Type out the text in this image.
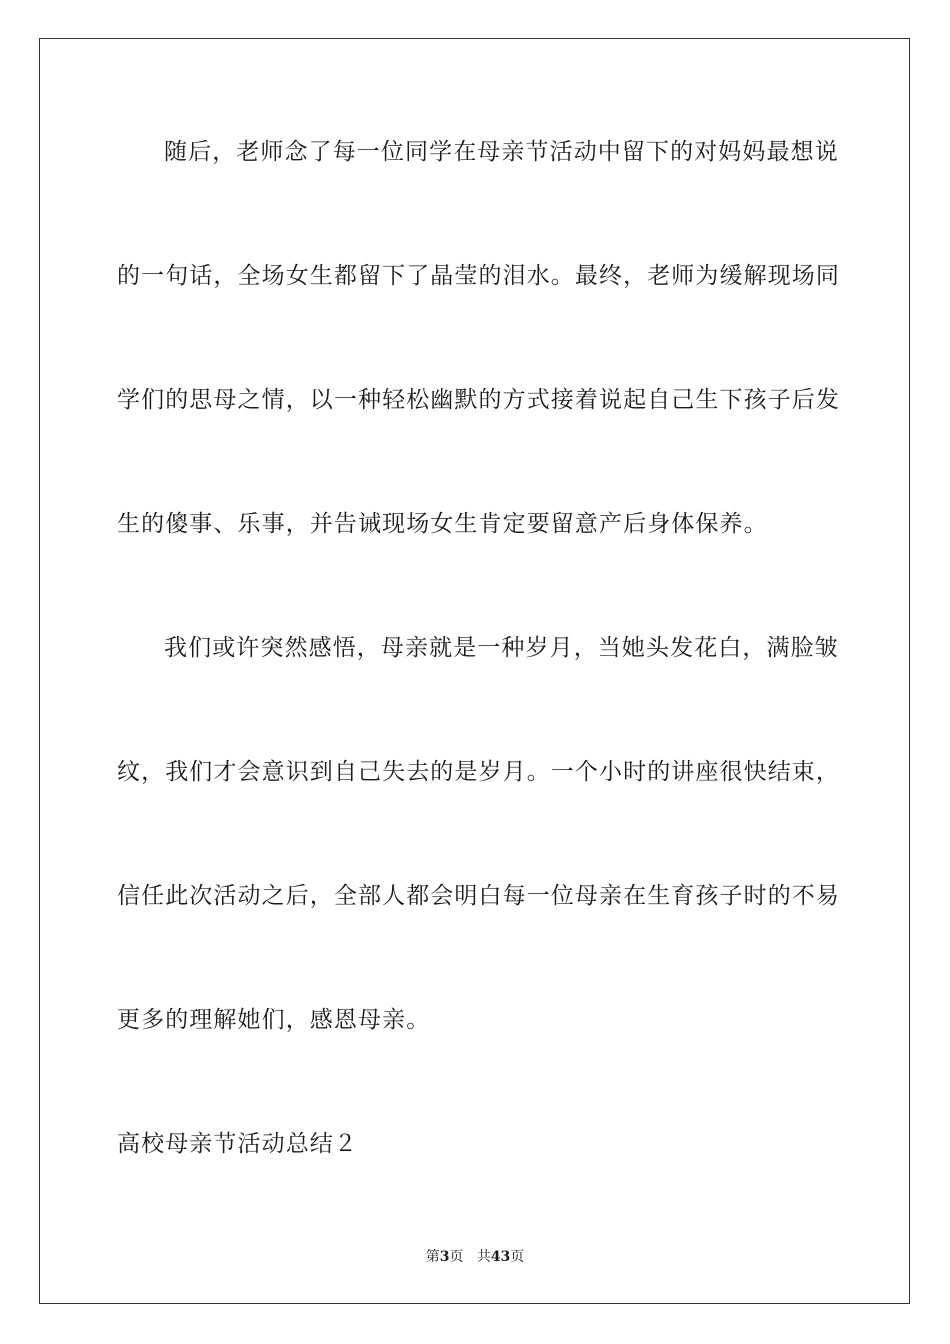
随后，老师念了每一位同学在母亲节活动中留下的对妈妈最想说
的一句话，全场女生都留下了晶莹的泪水。最终，老师为缓解现场同
学们的思母之情，以一种轻松幽默的方式接着说起自己生下孩子后发
生的傻事、乐事，并告诫现场女生肯定要留意产后身体保养。
我们或许突然感悟，母亲就是一种岁月，当她头发花白，满脸皱
纹，我们才会意识到自己失去的是岁月。一个小时的讲座很快结束，
信任此次活动之后，全部人都会明白每一位母亲在生育孩子时的不易
更多的理解她们，感恩母亲。
高校母亲节活动总结２
第3页 共43页
